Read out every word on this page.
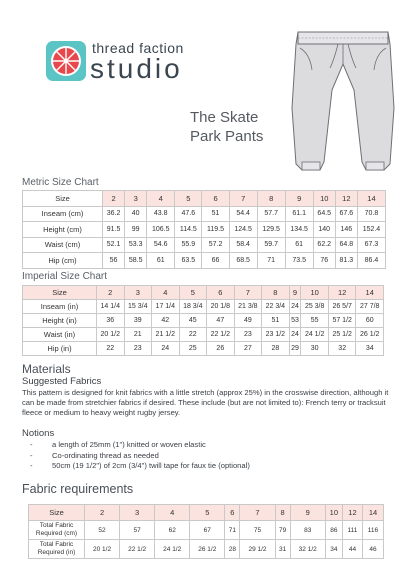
thread faction
studio
The Skate
Park Pants
Metric Size Chart
Size	2	3	4	5	6	7	8	9	10	12	14
Inseam (cm)	36.2	40	43.8	47.6	51	54.4	57.7	61.1	64.5	67.6	70.8
Height (cm)	91.5	99	106.5	114.5	119.5	124.5	129.5	134.5	140	146	152.4
Waist (cm)	52.1	53.3	54.6	55.9	57.2	58.4	59.7	61	62.2	64.8	67.3
Hip (cm)	56	58.5	61	63.5	66	68.5	71	73.5	76	81.3	86.4
Imperial Size Chart
Size	2	3	4	5	6	7	8	9	10	12	14
Inseam (in)	14 1/4	15 3/4	17 1/4	18 3/4	20 1/8	21 3/8	22 3/4	24	25 3/8	26 5/7	27 7/8
Height (in)	36	39	42	45	47	49	51	53	55	57 1/2	60
Waist (in)	20 1/2	21	21 1/2	22	22 1/2	23	23 1/2	24	24 1/2	25 1/2	26 1/2
Hip (in)	22	23	24	25	26	27	28	29	30	32	34
Materials
Suggested Fabrics

This pattern is designed for knit fabrics with a little stretch (approx 25%) in the crosswise direction, although it can be made from stretchier fabrics if desired. These include (but are not limited to): French terry or tracksuit fleece or medium to heavy weight rugby jersey.

Notions
- a length of 25mm (1") knitted or woven elastic
- Co-ordinating thread as needed
- 50cm (19 1/2") of 2cm (3/4") twill tape for faux tie (optional)
Fabric requirements
Size	2	3	4	5	6	7	8	9	10	12	14

Total Fabric
Required (cm)	52	57	62	67	71	75	79	83	86	111	116

Total Fabric
Required (in)	20 1/2	22 1/2	24 1/2	26 1/2	28	29 1/2	31	32 1/2	34	44	46
